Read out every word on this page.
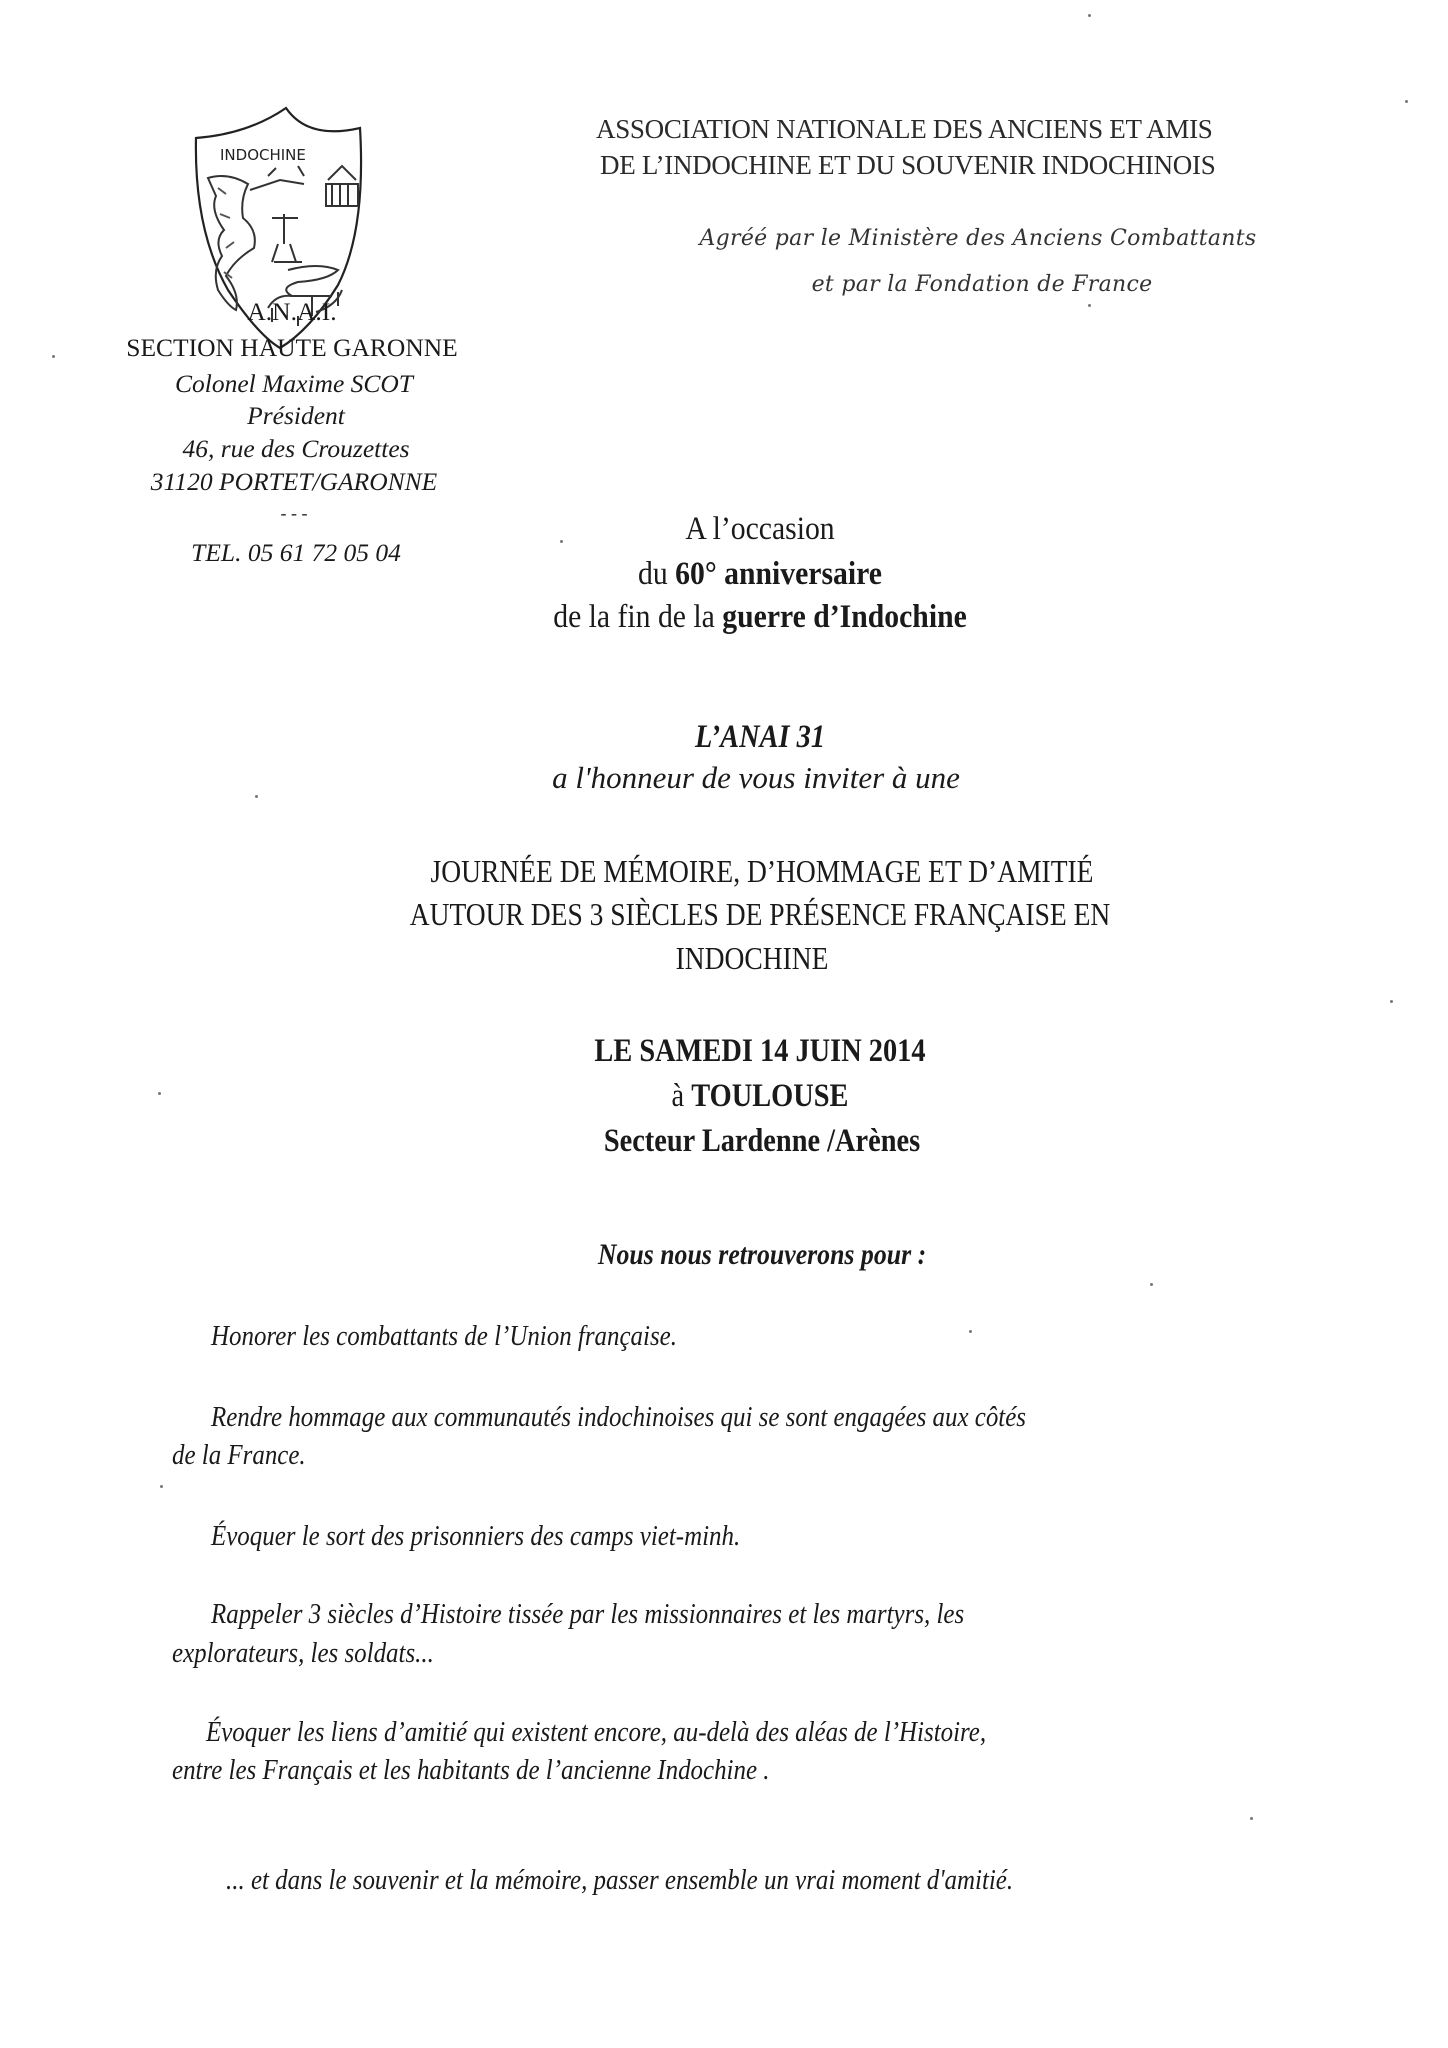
INDOCHINE
ASSOCIATION NATIONALE DES ANCIENS ET AMIS
DE L’INDOCHINE ET DU SOUVENIR INDOCHINOIS
Agréé par le Ministère des Anciens Combattants
et par la Fondation de France
A.N.A.I.
SECTION HAUTE GARONNE
Colonel Maxime SCOT
Président
46, rue des Crouzettes
31120 PORTET/GARONNE
- - -
TEL. 05 61 72 05 04
A l’occasion
du 60° anniversaire
de la fin de la guerre d’Indochine
L’ANAI 31
a l'honneur de vous inviter à une
JOURNÉE DE MÉMOIRE, D’HOMMAGE ET D’AMITIÉ
AUTOUR DES 3 SIÈCLES DE PRÉSENCE FRANÇAISE EN
INDOCHINE
LE SAMEDI 14 JUIN 2014
à TOULOUSE
Secteur Lardenne /Arènes
Nous nous retrouverons pour :
Honorer les combattants de l’Union française.
Rendre hommage aux communautés indochinoises qui se sont engagées aux côtés
de la France.
Évoquer le sort des prisonniers des camps viet-minh.
Rappeler 3 siècles d’Histoire tissée par les missionnaires et les martyrs, les
explorateurs, les soldats...
Évoquer les liens d’amitié qui existent encore, au-delà des aléas de l’Histoire,
entre les Français et les habitants de l’ancienne Indochine .
... et dans le souvenir et la mémoire, passer ensemble un vrai moment d'amitié.
